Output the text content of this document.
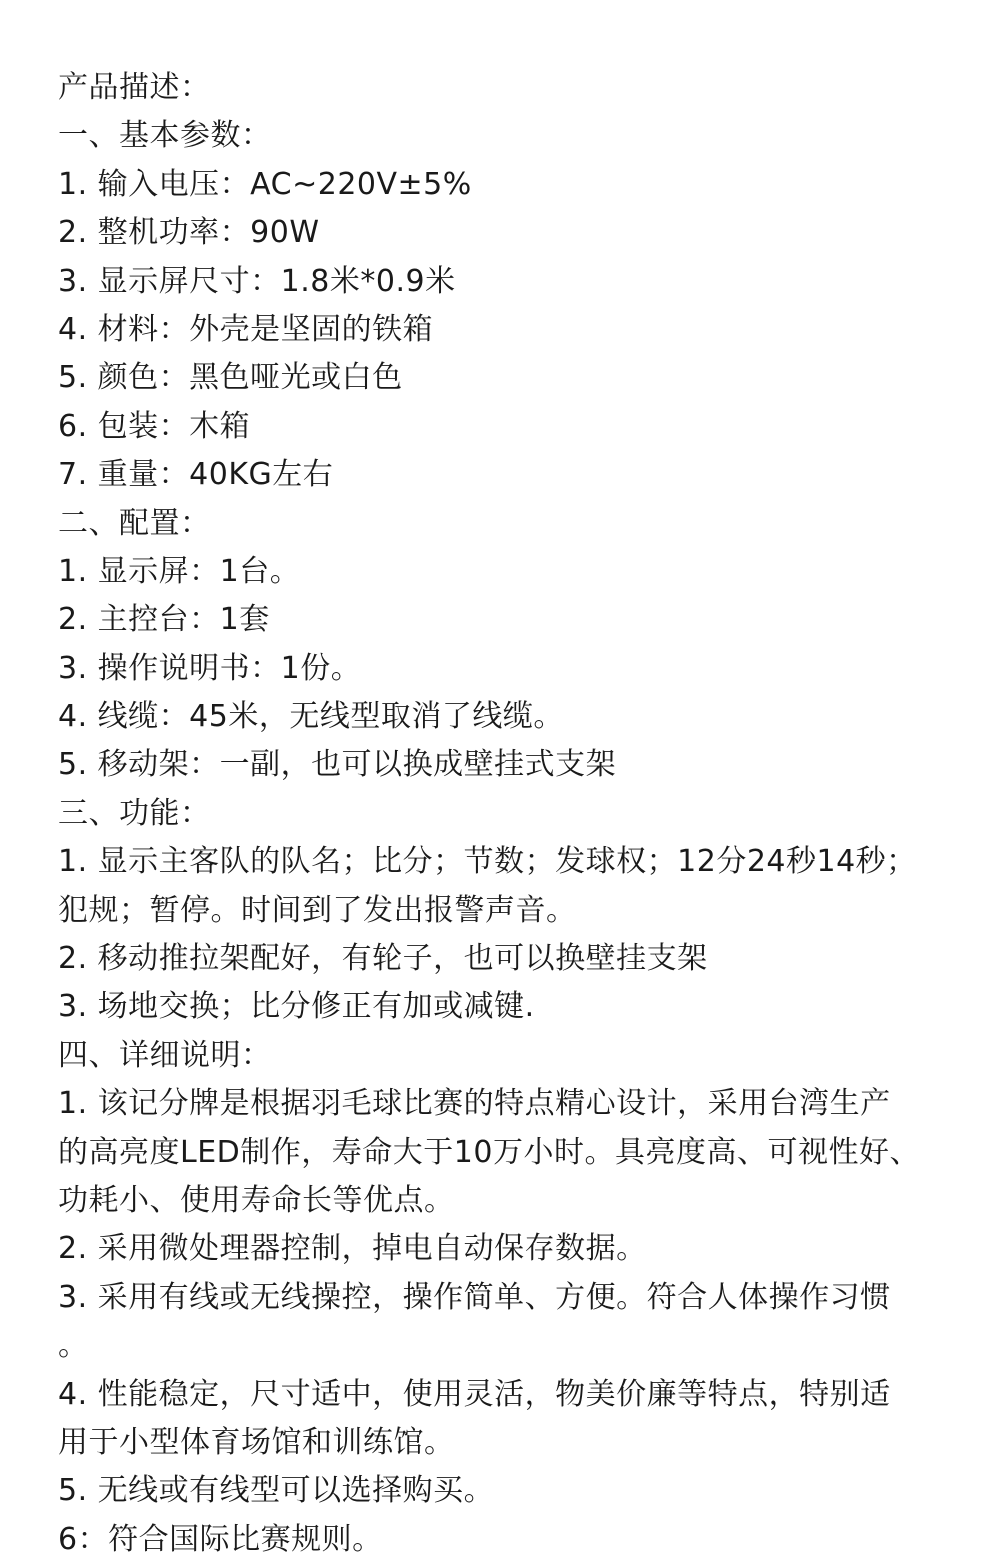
产品描述：
一、基本参数：
1. 输入电压：AC~220V±5%
2. 整机功率：90W
3. 显示屏尺寸：1.8米*0.9米
4. 材料：外壳是坚固的铁箱
5. 颜色：黑色哑光或白色
6. 包装：木箱
7. 重量：40KG左右
二、配置：
1. 显示屏：1台。
2. 主控台：1套
3. 操作说明书：1份。
4. 线缆：45米，无线型取消了线缆。
5. 移动架：一副，也可以换成壁挂式支架
三、功能：
1. 显示主客队的队名；比分；节数；发球权；12分24秒14秒；
犯规；暂停。时间到了发出报警声音。
2. 移动推拉架配好，有轮子，也可以换壁挂支架
3. 场地交换；比分修正有加或减键.
四、详细说明：
1. 该记分牌是根据羽毛球比赛的特点精心设计，采用台湾生产
的高亮度LED制作，寿命大于10万小时。具亮度高、可视性好、
功耗小、使用寿命长等优点。
2. 采用微处理器控制，掉电自动保存数据。
3. 采用有线或无线操控，操作简单、方便。符合人体操作习惯
。
4. 性能稳定，尺寸适中，使用灵活，物美价廉等特点，特别适
用于小型体育场馆和训练馆。
5. 无线或有线型可以选择购买。
6：符合国际比赛规则。
